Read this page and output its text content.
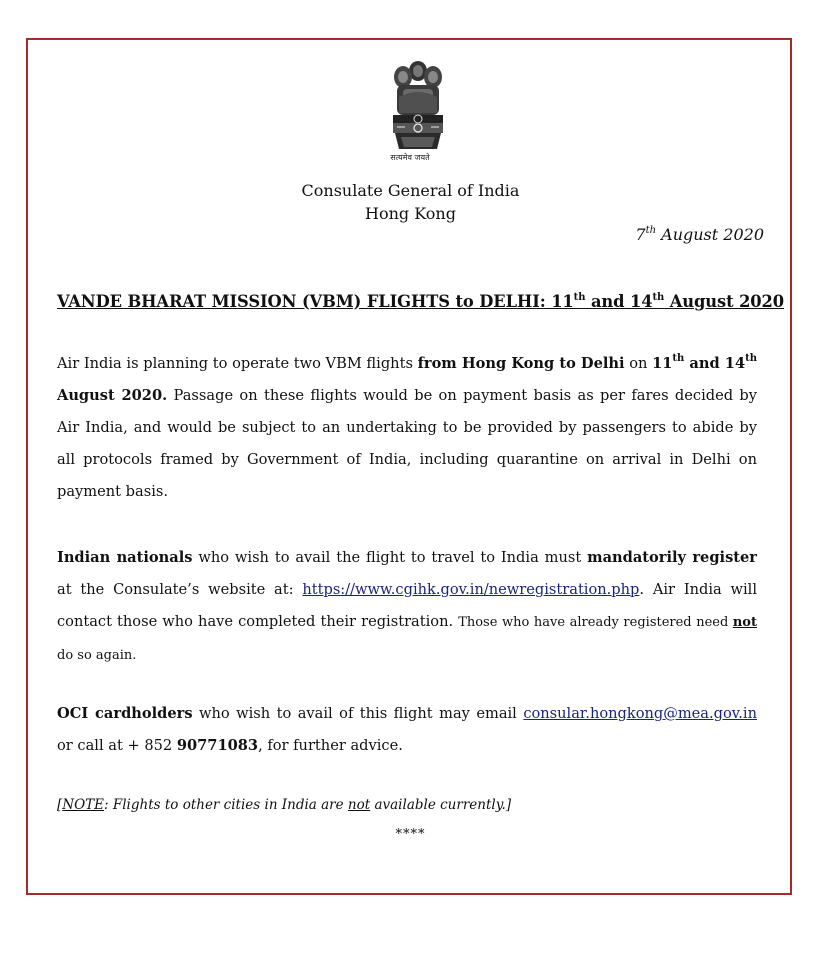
सत्यमेव जयते
Consulate General of India
Hong Kong
7th August 2020
VANDE BHARAT MISSION (VBM) FLIGHTS to DELHI: 11th and 14th August 2020
Air India is planning to operate two VBM flights from Hong Kong to Delhi on 11th and 14th August 2020. Passage on these flights would be on payment basis as per fares decided by Air India, and would be subject to an undertaking to be provided by passengers to abide by all protocols framed by Government of India, including quarantine on arrival in Delhi on payment basis.
Indian nationals who wish to avail the flight to travel to India must mandatorily register at the Consulate’s website at: https://www.cgihk.gov.in/newregistration.php. Air India will contact those who have completed their registration. Those who have already registered need not do so again.
OCI cardholders who wish to avail of this flight may email consular.hongkong@mea.gov.in or call at + 852 90771083, for further advice.
[NOTE: Flights to other cities in India are not available currently.]
****
